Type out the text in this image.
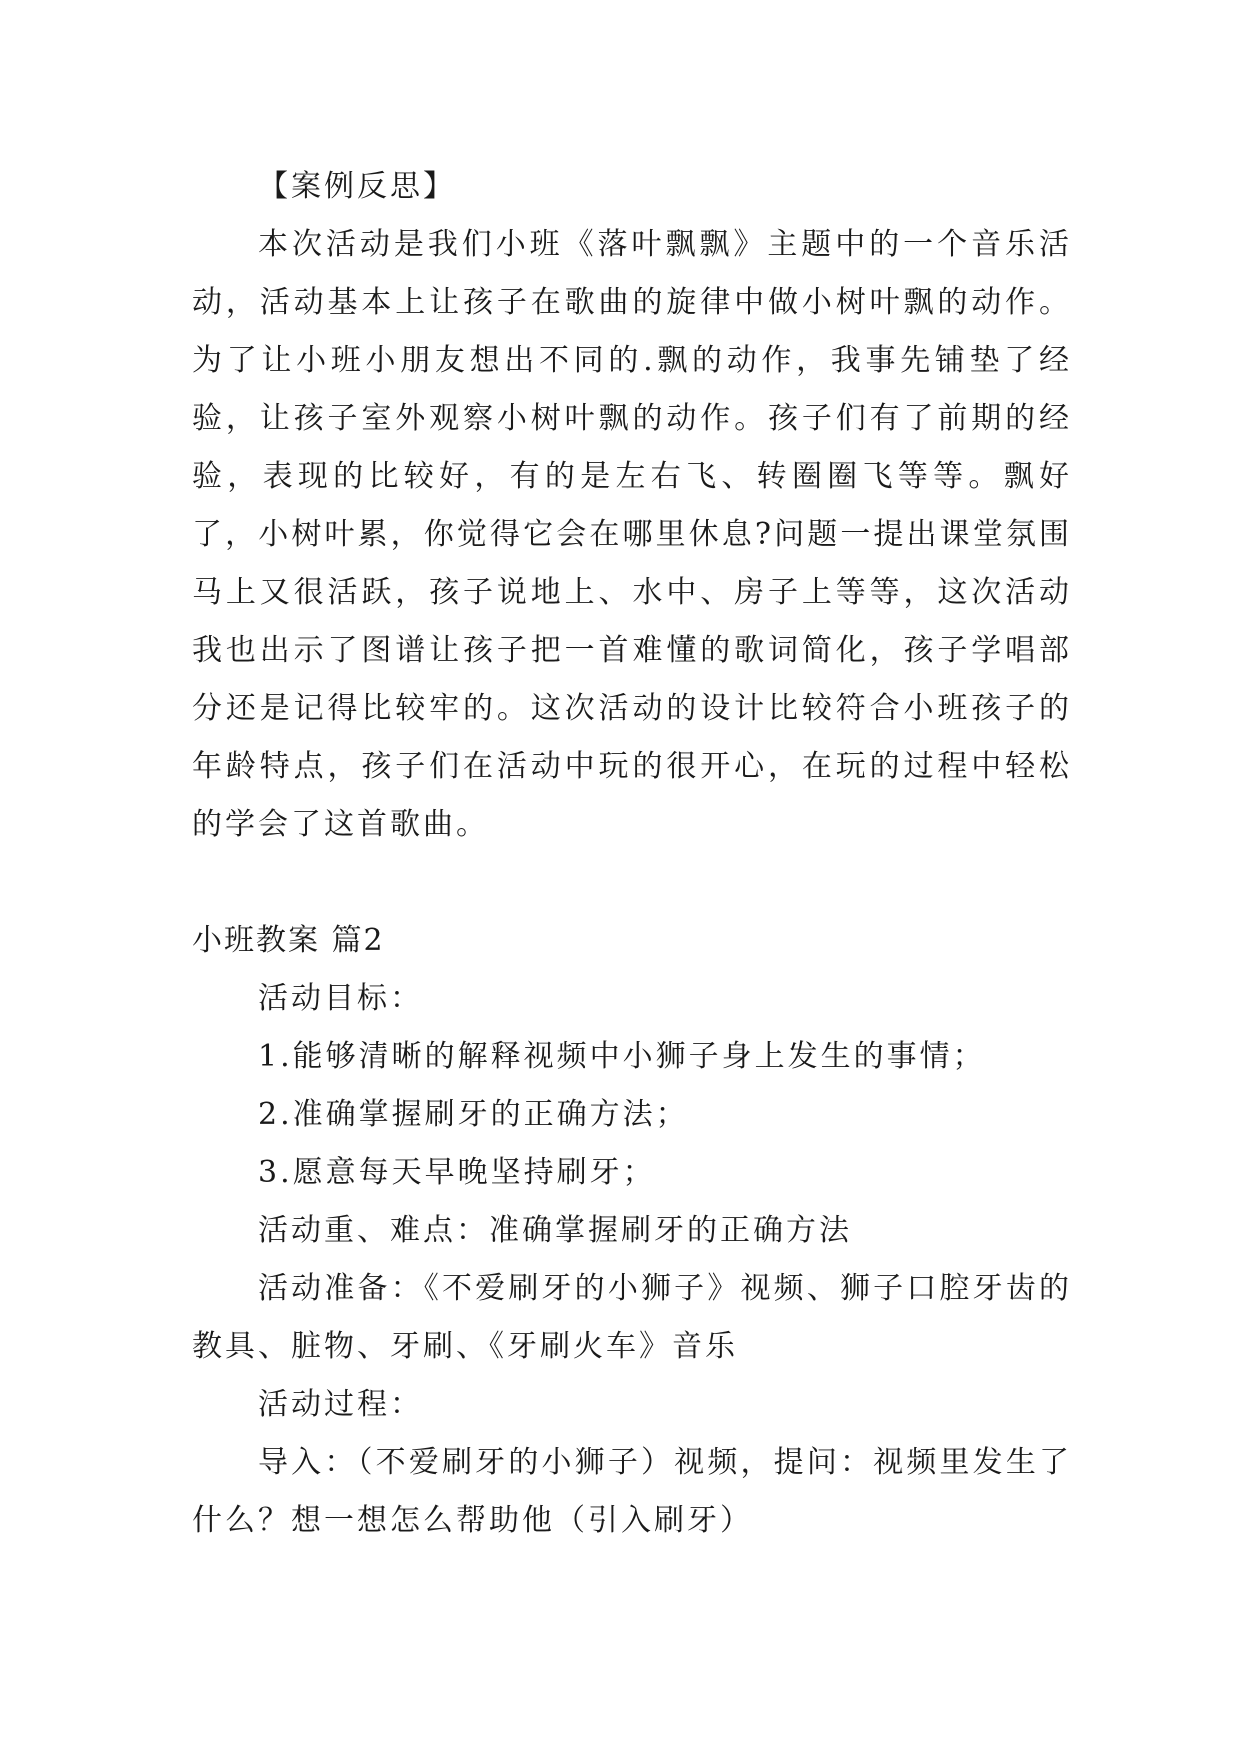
【案例反思】

本次活动是我们小班《落叶飘飘》主题中的一个音乐活动，活动基本上让孩子在歌曲的旋律中做小树叶飘的动作。为了让小班小朋友想出不同的.飘的动作，我事先铺垫了经验，让孩子室外观察小树叶飘的动作。孩子们有了前期的经验，表现的比较好，有的是左右飞、转圈圈飞等等。飘好了，小树叶累，你觉得它会在哪里休息?问题一提出课堂氛围马上又很活跃，孩子说地上、水中、房子上等等，这次活动我也出示了图谱让孩子把一首难懂的歌词简化，孩子学唱部分还是记得比较牢的。这次活动的设计比较符合小班孩子的年龄特点，孩子们在活动中玩的很开心，在玩的过程中轻松的学会了这首歌曲。

小班教案 篇2

活动目标：

1.能够清晰的解释视频中小狮子身上发生的事情；

2.准确掌握刷牙的正确方法；

3.愿意每天早晚坚持刷牙；

活动重、难点：准确掌握刷牙的正确方法

活动准备：《不爱刷牙的小狮子》视频、狮子口腔牙齿的教具、脏物、牙刷、《牙刷火车》音乐

活动过程：

导入：（不爱刷牙的小狮子）视频，提问：视频里发生了什么？想一想怎么帮助他（引入刷牙）
